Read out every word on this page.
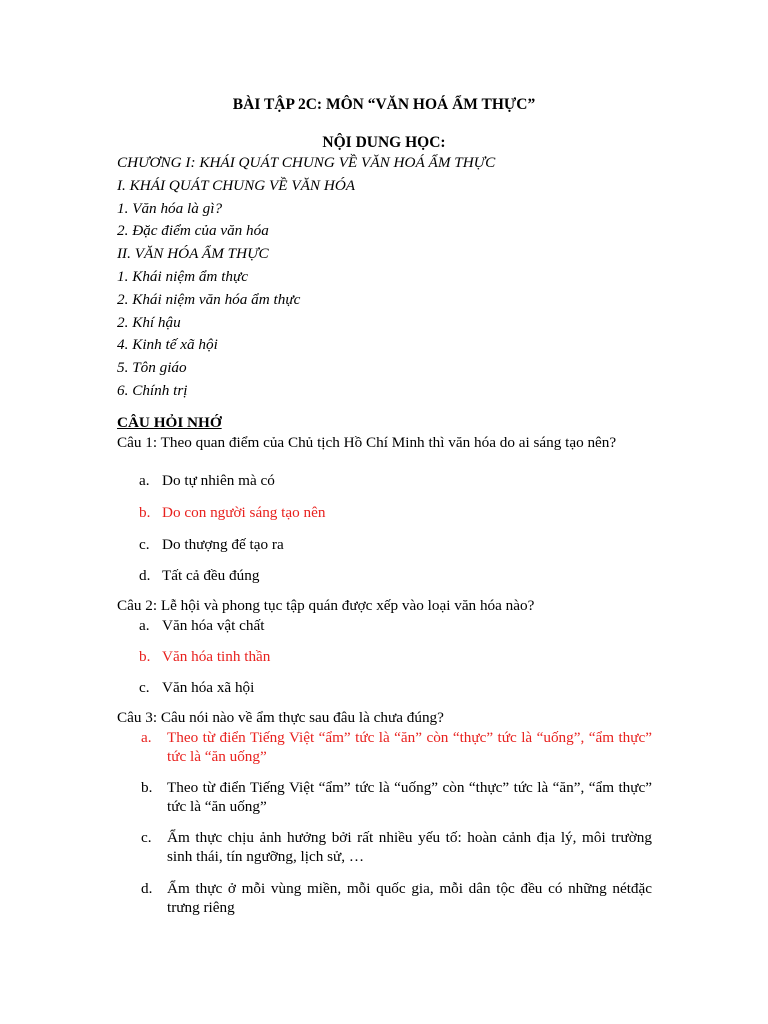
BÀI TẬP 2C: MÔN “VĂN HOÁ ẨM THỰC”
NỘI DUNG HỌC:
CHƯƠNG I: KHÁI QUÁT CHUNG VỀ VĂN HOÁ ẨM THỰC
I. KHÁI QUÁT CHUNG VỀ VĂN HÓA
1. Văn hóa là gì?
2. Đặc điểm của văn hóa
II. VĂN HÓA ẨM THỰC
1. Khái niệm ẩm thực
2. Khái niệm văn hóa ẩm thực
2. Khí hậu
4. Kinh tế xã hội
5. Tôn giáo
6. Chính trị
CÂU HỎI NHỚ
Câu 1: Theo quan điểm của Chủ tịch Hồ Chí Minh thì văn hóa do ai sáng tạo nên?
a. Do tự nhiên mà có
b. Do con người sáng tạo nên
c. Do thượng đế tạo ra
d. Tất cả đều đúng
Câu 2: Lễ hội và phong tục tập quán được xếp vào loại văn hóa nào?
a. Văn hóa vật chất
b. Văn hóa tinh thần
c. Văn hóa xã hội
Câu 3: Câu nói nào về ẩm thực sau đâu là chưa đúng?
a.	Theo từ điển Tiếng Việt “ẩm” tức là “ăn” còn “thực” tức là “uống”, “ẩm thực” tức là “ăn uống”
b. Theo từ điển Tiếng Việt “ẩm” tức là “uống” còn “thực” tức là “ăn”, “ẩm thực” tức là “ăn uống”
c.	Ẩm thực chịu ảnh hưởng bởi rất nhiều yếu tố: hoàn cảnh địa lý, môi trường sinh thái, tín ngưỡng, lịch sử, …
d. Ẩm thực ở mỗi vùng miền, mỗi quốc gia, mỗi dân tộc đều có những nétđặc trưng riêng
